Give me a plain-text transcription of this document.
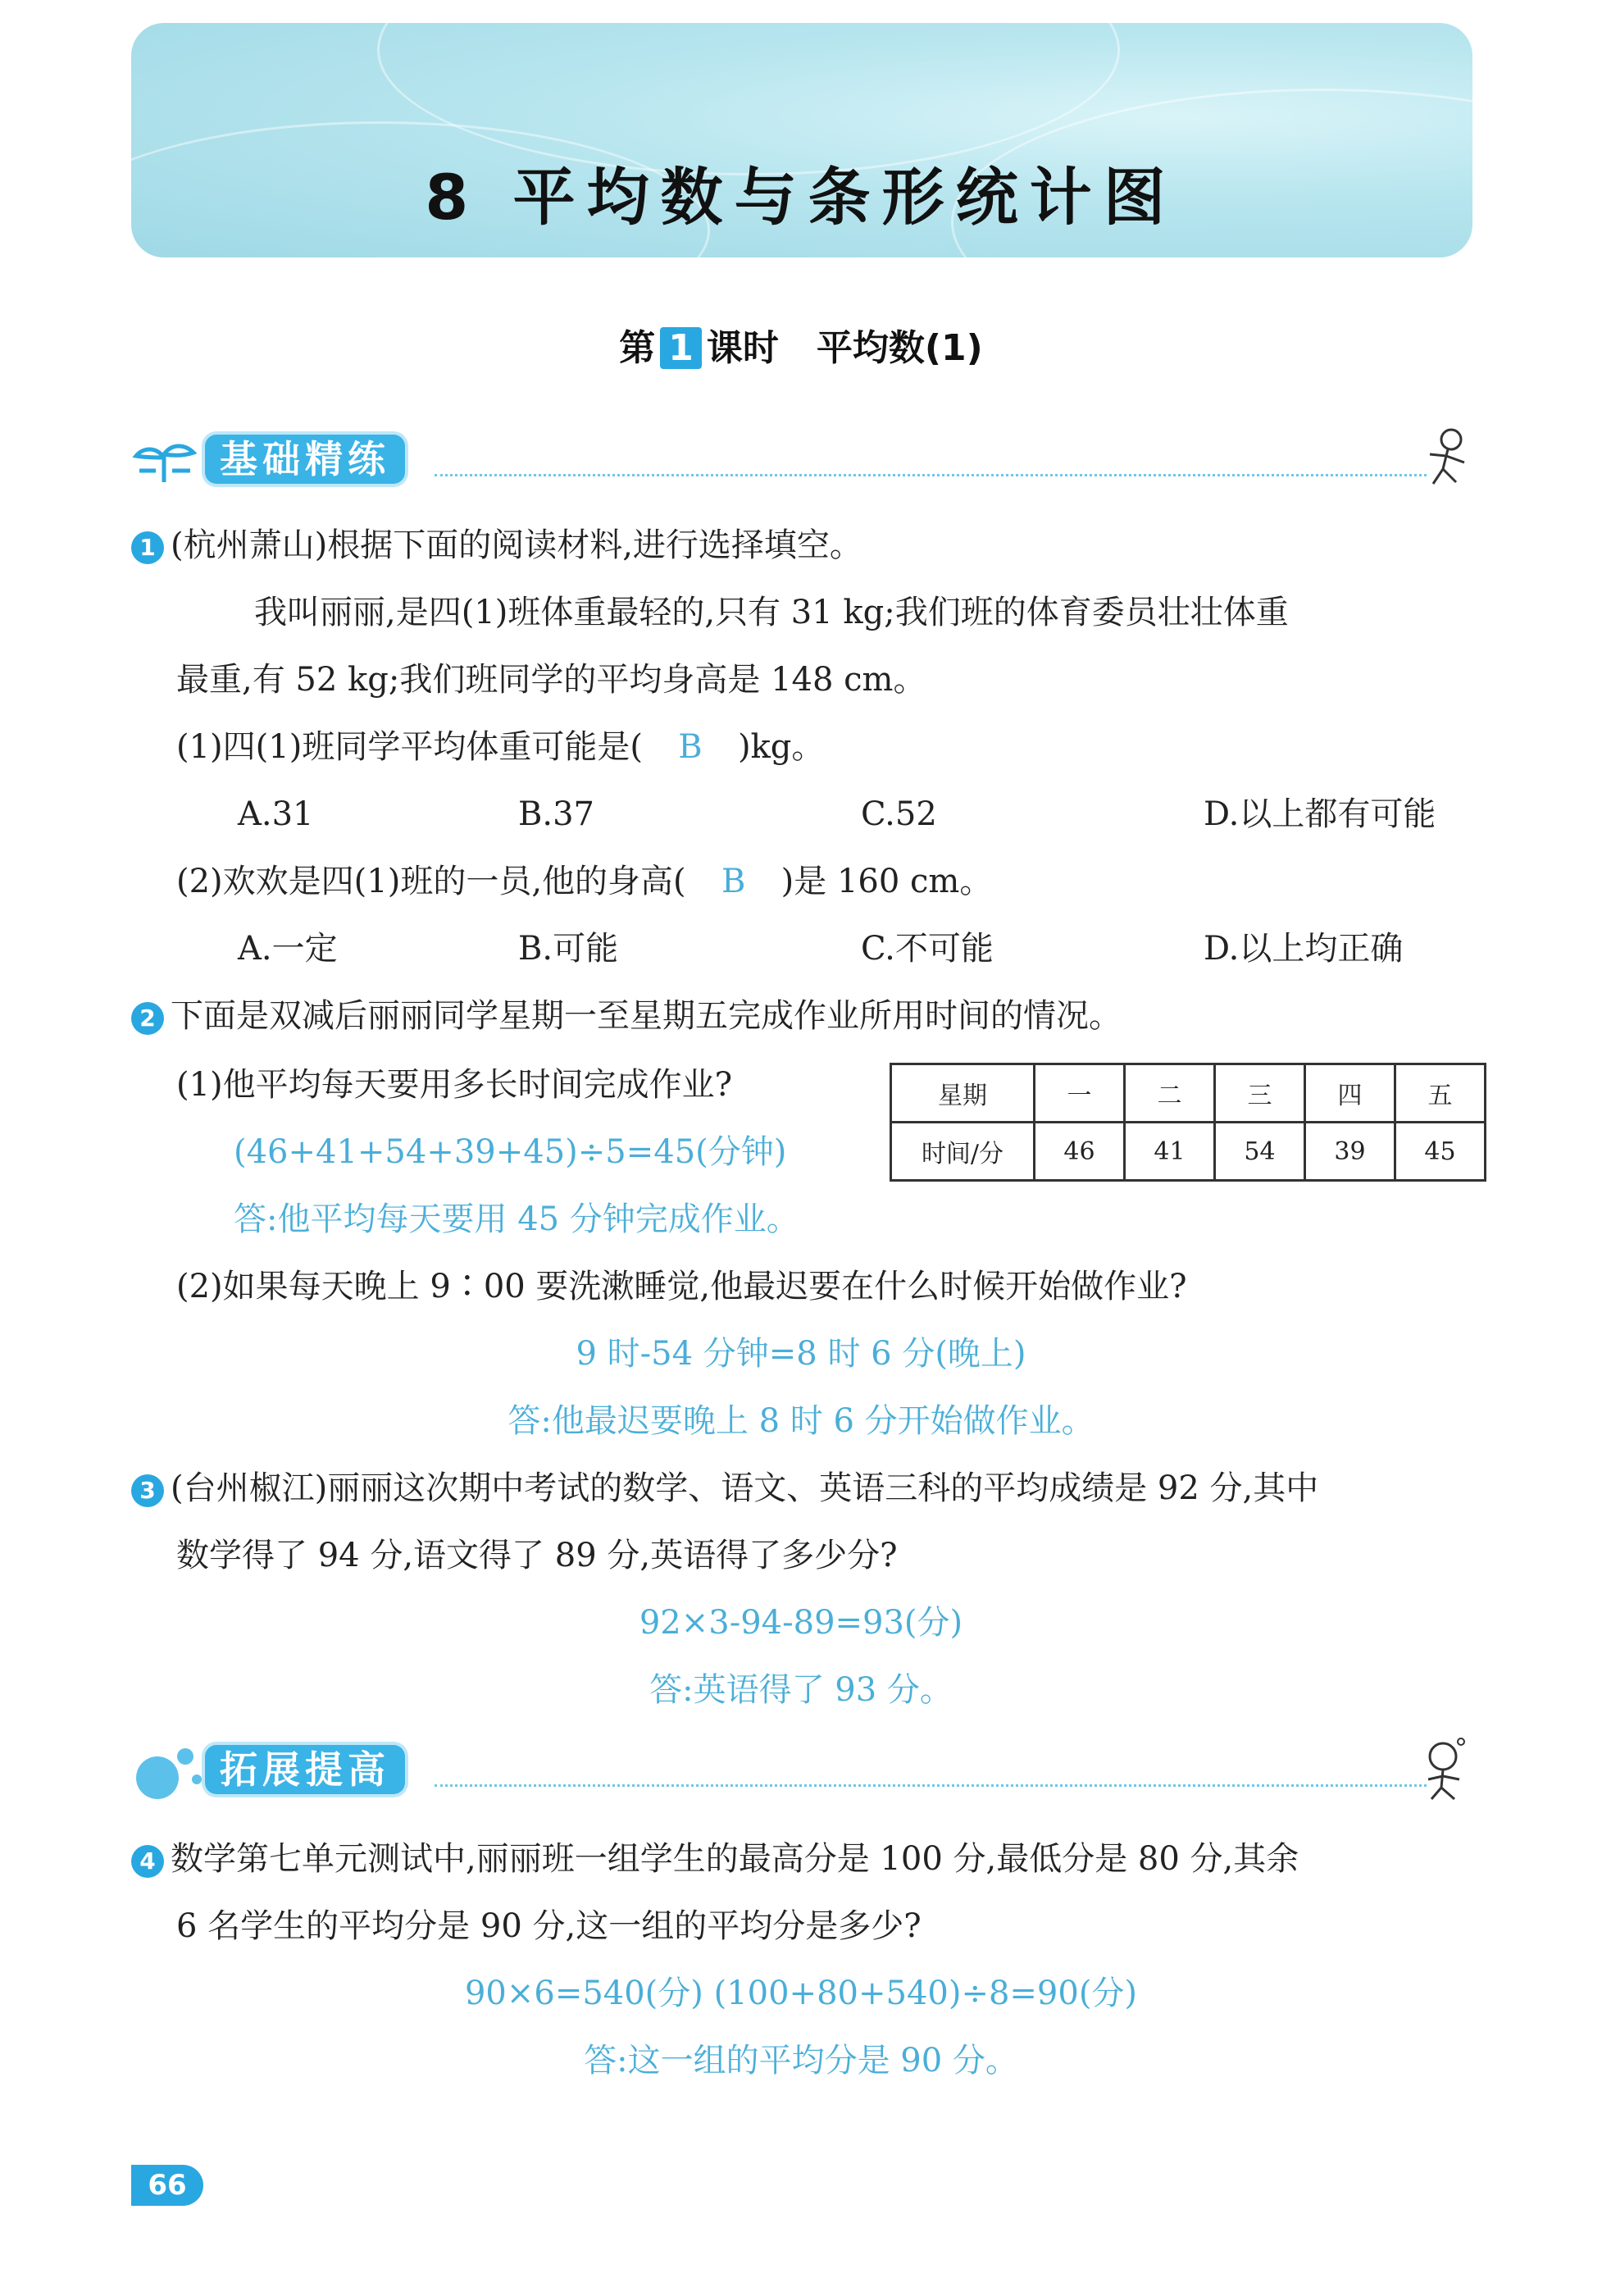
8 平均数与条形统计图
第 1 课时 平均数(1)
基础精练
1 (杭州萧山)根据下面的阅读材料,进行选择填空。
我叫丽丽,是四(1)班体重最轻的,只有 31 kg;我们班的体育委员壮壮体重
最重,有 52 kg;我们班同学的平均身高是 148 cm。
(1)四(1)班同学平均体重可能是( B )kg。
A.31	B.37	C.52	D.以上都有可能
(2)欢欢是四(1)班的一员,他的身高( B )是 160 cm。
A.一定	B.可能	C.不可能	D.以上均正确
2 下面是双减后丽丽同学星期一至星期五完成作业所用时间的情况。
(1)他平均每天要用多长时间完成作业?
(46+41+54+39+45)÷5=45(分钟)
答:他平均每天要用 45 分钟完成作业。
星期	一	二	三	四	五
时间/分	46	41	54	39	45
(2)如果每天晚上 9∶00 要洗漱睡觉,他最迟要在什么时候开始做作业?
9 时-54 分钟=8 时 6 分(晚上)
答:他最迟要晚上 8 时 6 分开始做作业。
3 (台州椒江)丽丽这次期中考试的数学、语文、英语三科的平均成绩是 92 分,其中
数学得了 94 分,语文得了 89 分,英语得了多少分?
92×3-94-89=93(分)
答:英语得了 93 分。
拓展提高
4 数学第七单元测试中,丽丽班一组学生的最高分是 100 分,最低分是 80 分,其余
6 名学生的平均分是 90 分,这一组的平均分是多少?
90×6=540(分) (100+80+540)÷8=90(分)
答:这一组的平均分是 90 分。
66
